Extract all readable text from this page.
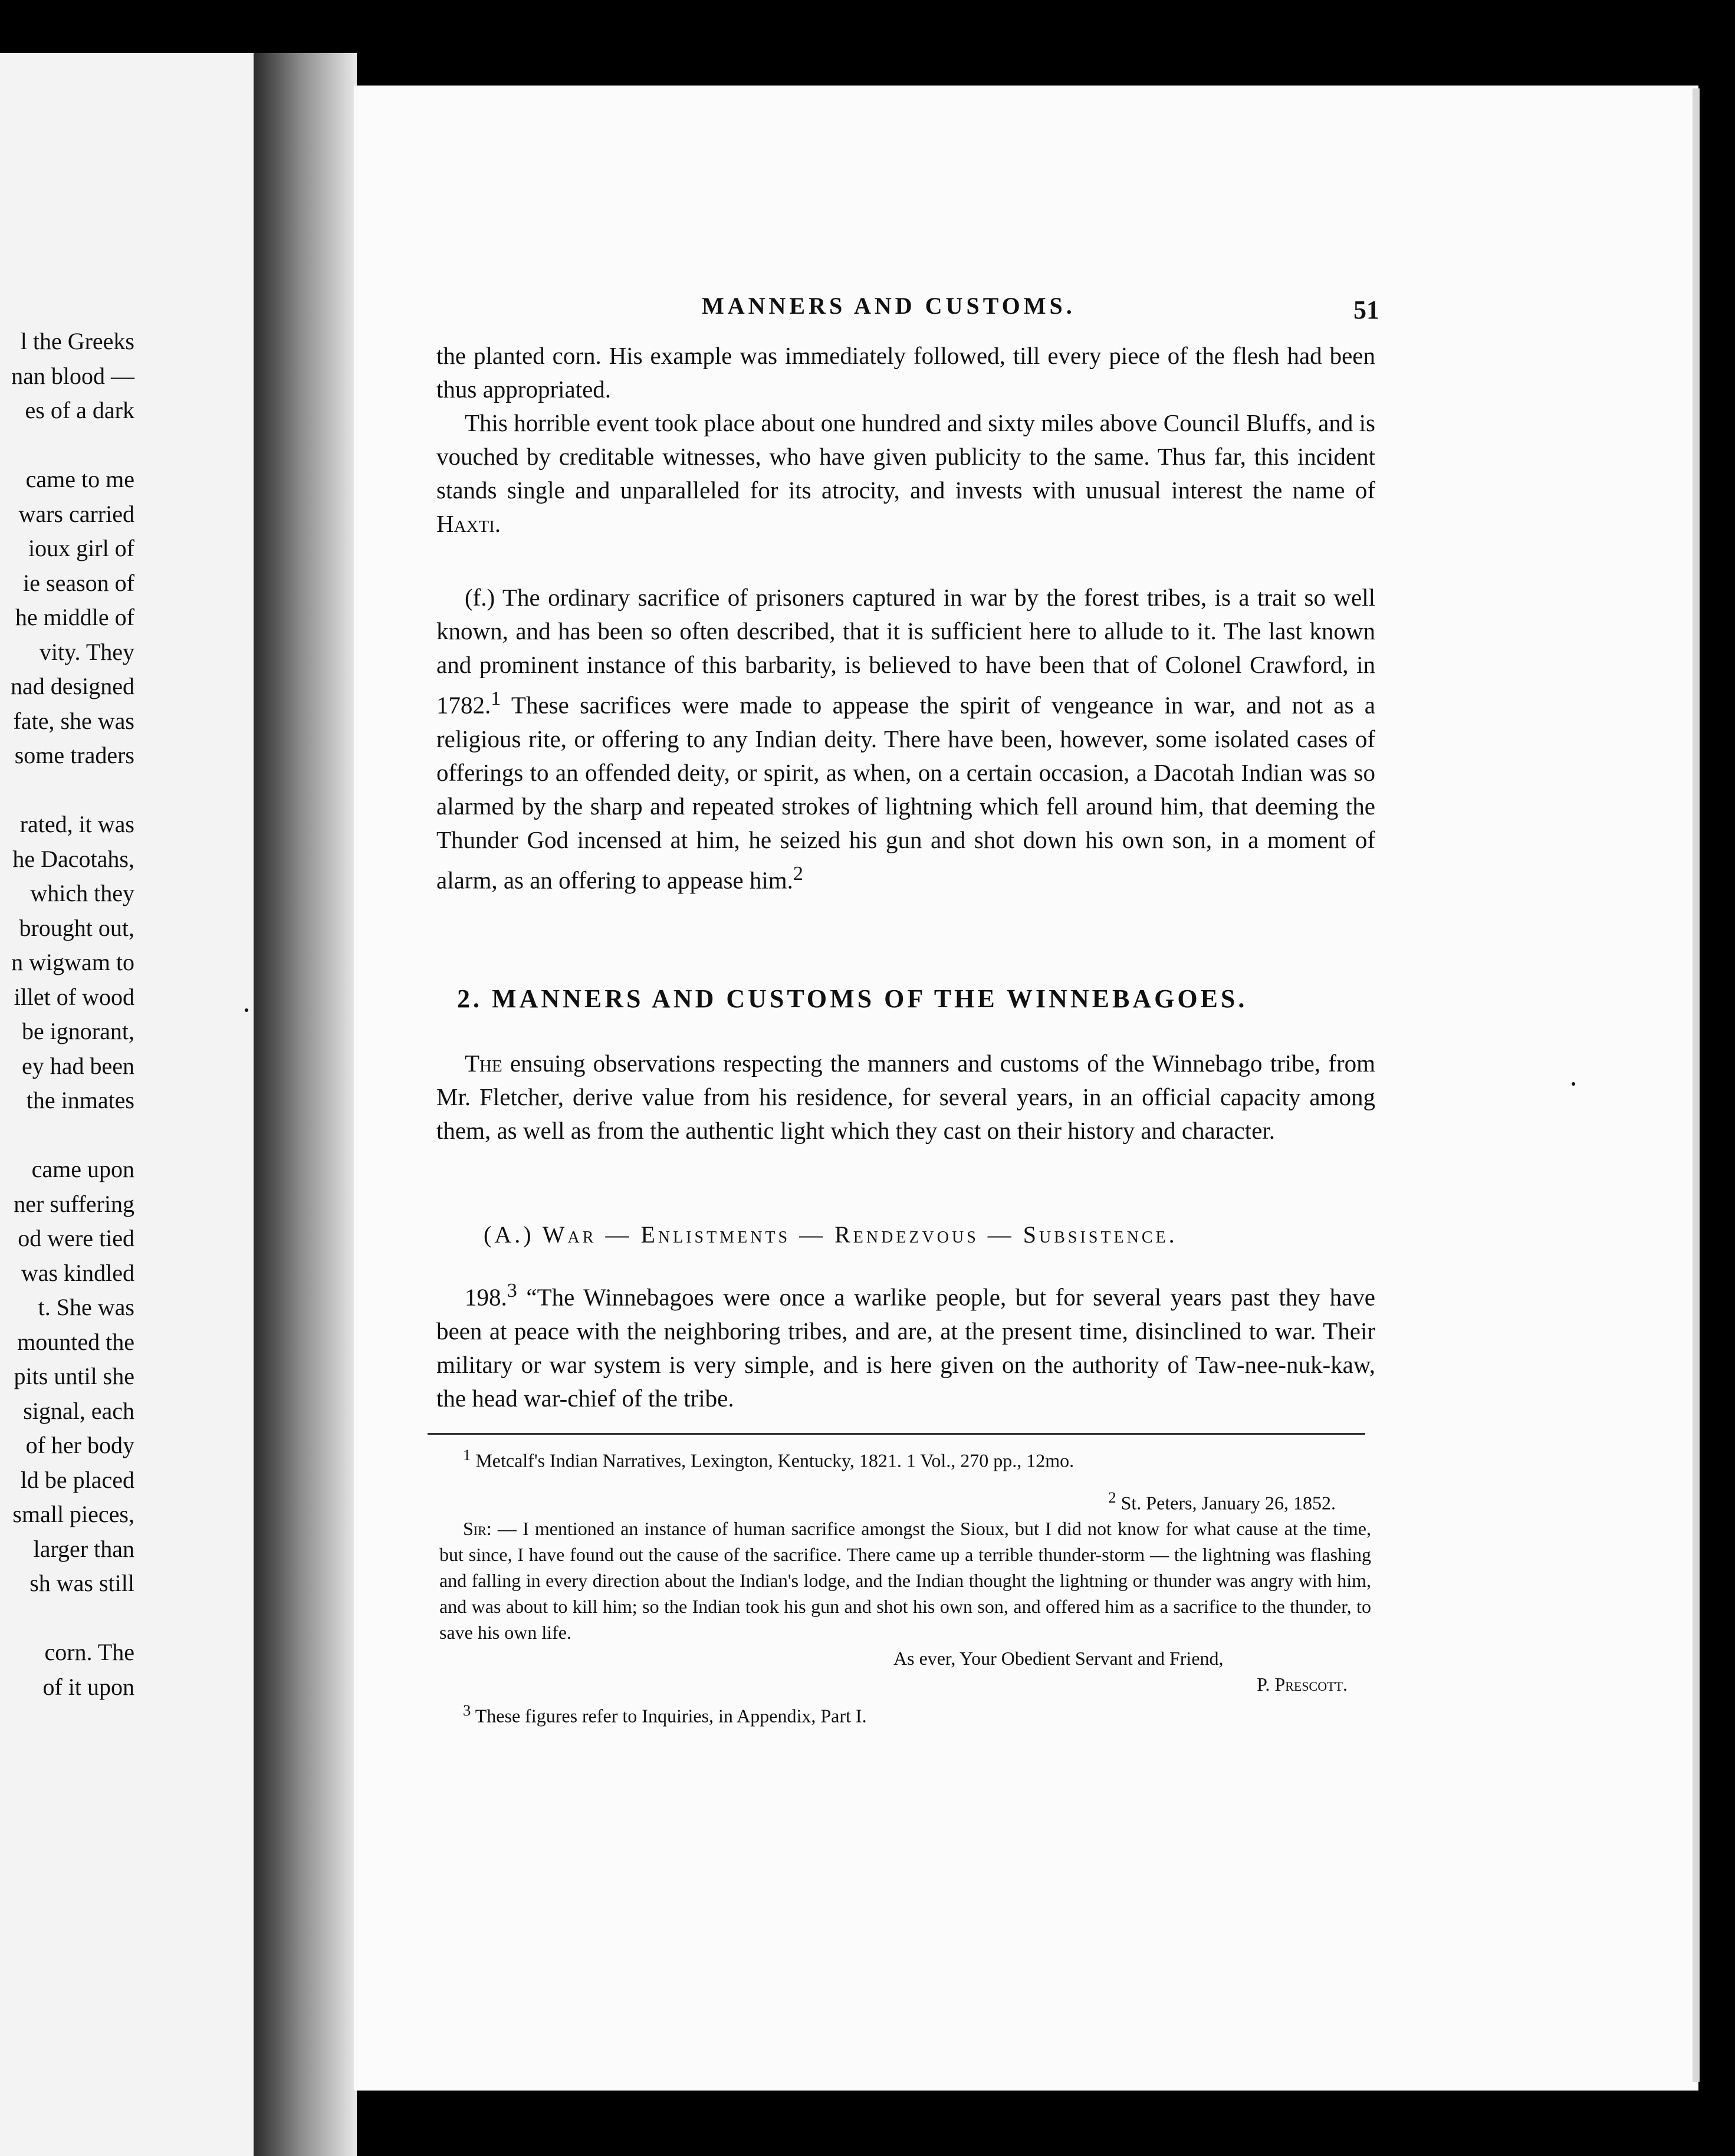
l the Greeks
nan blood —
es of a dark
came to me
wars carried
ioux girl of
ie season of
he middle of
vity. They
nad designed
fate, she was
some traders
rated, it was
he Dacotahs,
which they
brought out,
n wigwam to
illet of wood
be ignorant,
ey had been
the inmates
came upon
ner suffering
od were tied
was kindled
t. She was
mounted the
pits until she
signal, each
of her body
ld be placed
small pieces,
larger than
sh was still
corn. The
of it upon
MANNERS AND CUSTOMS.	51

the planted corn. His example was immediately followed, till every piece of the flesh had been thus appropriated.

This horrible event took place about one hundred and sixty miles above Council Bluffs, and is vouched by creditable witnesses, who have given publicity to the same. Thus far, this incident stands single and unparalleled for its atrocity, and invests with unusual interest the name of Haxti.

(f.) The ordinary sacrifice of prisoners captured in war by the forest tribes, is a trait so well known, and has been so often described, that it is sufficient here to allude to it. The last known and prominent instance of this barbarity, is believed to have been that of Colonel Crawford, in 1782.$^1$ These sacrifices were made to appease the spirit of vengeance in war, and not as a religious rite, or offering to any Indian deity. There have been, however, some isolated cases of offerings to an offended deity, or spirit, as when, on a certain occasion, a Dacotah Indian was so alarmed by the sharp and repeated strokes of lightning which fell around him, that deeming the Thunder God incensed at him, he seized his gun and shot down his own son, in a moment of alarm, as an offering to appease him.$^2$

2. MANNERS AND CUSTOMS OF THE WINNEBAGOES.

The ensuing observations respecting the manners and customs of the Winnebago tribe, from Mr. Fletcher, derive value from his residence, for several years, in an official capacity among them, as well as from the authentic light which they cast on their history and character.

(A.) War — Enlistments — Rendezvous — Subsistence.

198.$^3$ “The Winnebagoes were once a warlike people, but for several years past they have been at peace with the neighboring tribes, and are, at the present time, disinclined to war. Their military or war system is very simple, and is here given on the authority of Taw-nee-nuk-kaw, the head war-chief of the tribe.

$^1$ Metcalf's Indian Narratives, Lexington, Kentucky, 1821. 1 Vol., 270 pp., 12mo.

$^2$ St. Peters, January 26, 1852.

Sir: — I mentioned an instance of human sacrifice amongst the Sioux, but I did not know for what cause at the time, but since, I have found out the cause of the sacrifice. There came up a terrible thunder-storm — the lightning was flashing and falling in every direction about the Indian's lodge, and the Indian thought the lightning or thunder was angry with him, and was about to kill him; so the Indian took his gun and shot his own son, and offered him as a sacrifice to the thunder, to save his own life.

As ever, Your Obedient Servant and Friend,

P. Prescott.

$^3$ These figures refer to Inquiries, in Appendix, Part I.
